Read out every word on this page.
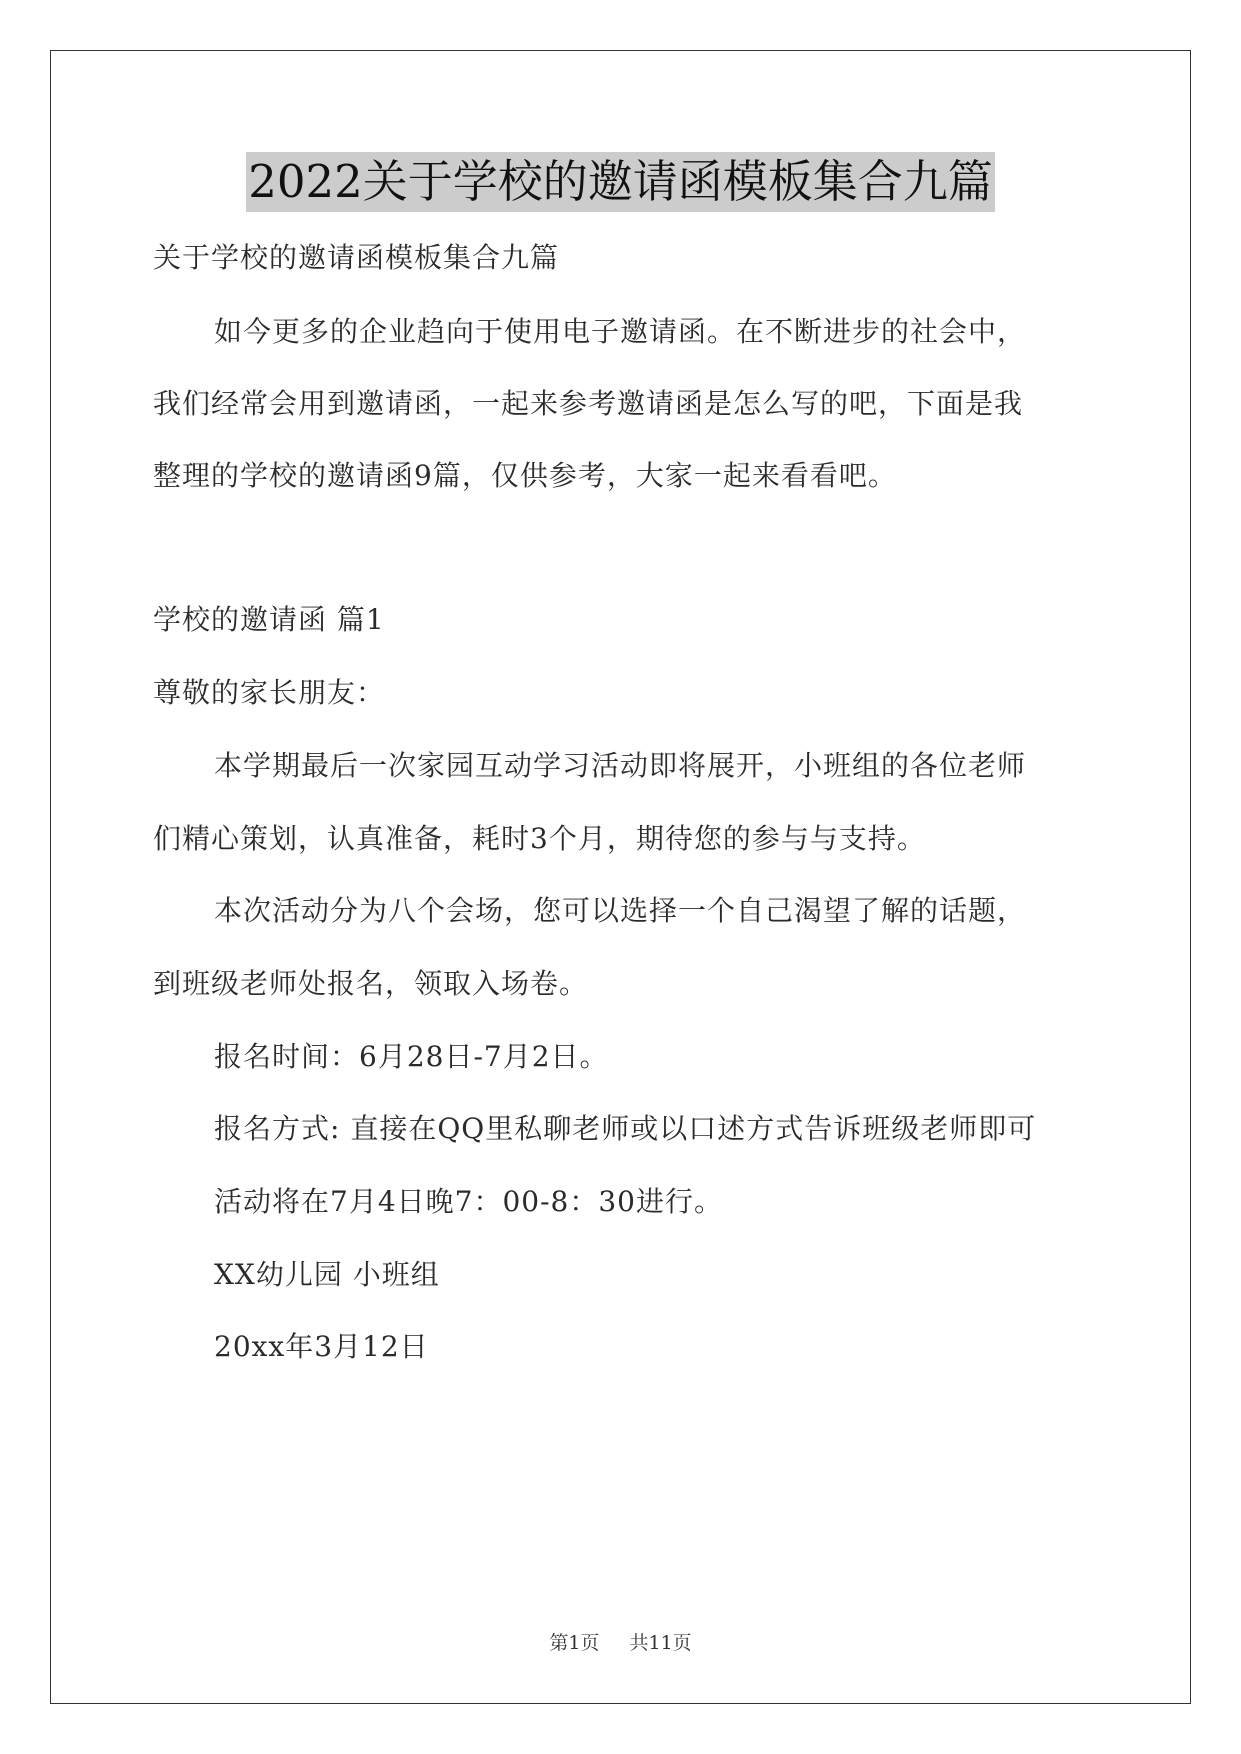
2022关于学校的邀请函模板集合九篇
关于学校的邀请函模板集合九篇
如今更多的企业趋向于使用电子邀请函。在不断进步的社会中，
我们经常会用到邀请函，一起来参考邀请函是怎么写的吧，下面是我
整理的学校的邀请函9篇，仅供参考，大家一起来看看吧。
学校的邀请函 篇1
尊敬的家长朋友：
本学期最后一次家园互动学习活动即将展开，小班组的各位老师
们精心策划，认真准备，耗时3个月，期待您的参与与支持。
本次活动分为八个会场，您可以选择一个自己渴望了解的话题，
到班级老师处报名，领取入场卷。
报名时间：6月28日-7月2日。
报名方式: 直接在QQ里私聊老师或以口述方式告诉班级老师即可
活动将在7月4日晚7：00-8：30进行。
XX幼儿园 小班组
20xx年3月12日
第1页 共11页
